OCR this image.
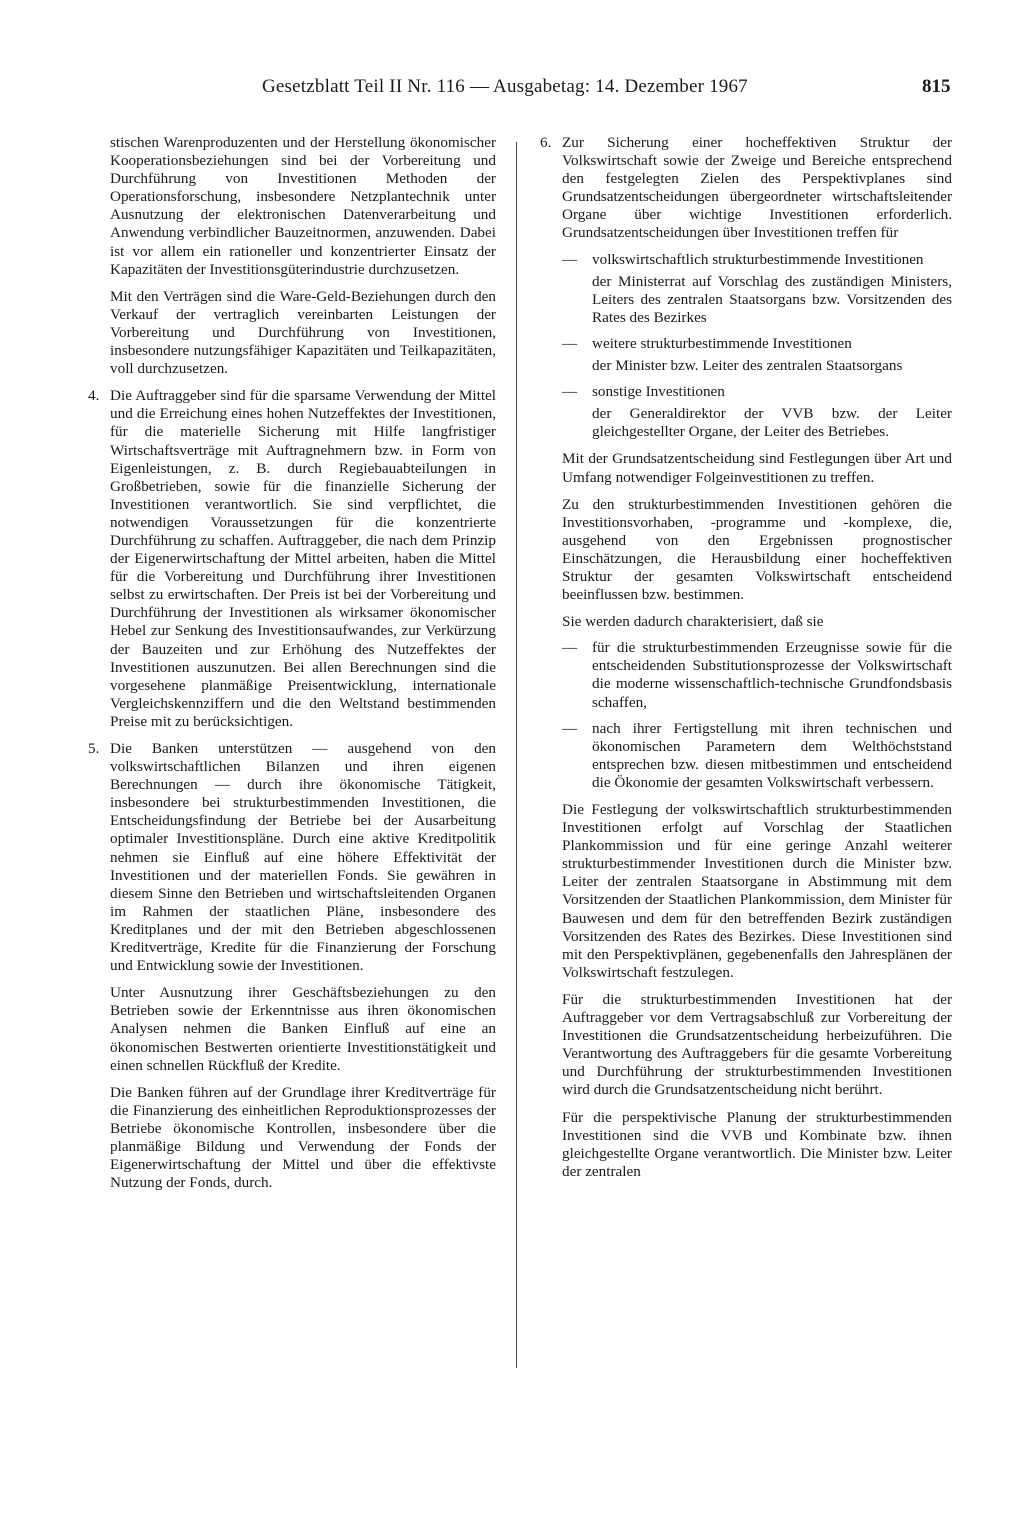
Gesetzblatt Teil II Nr. 116 — Ausgabetag: 14. Dezember 1967	815

stischen Warenproduzenten und der Herstellung ökonomischer Kooperationsbeziehungen sind bei der Vorbereitung und Durchführung von Investitionen Methoden der Operationsforschung, insbesondere Netzplantechnik unter Ausnutzung der elektronischen Datenverarbeitung und Anwendung verbindlicher Bauzeitnormen, anzuwenden. Dabei ist vor allem ein rationeller und konzentrierter Einsatz der Kapazitäten der Investitionsgüterindustrie durchzusetzen.

Mit den Verträgen sind die Ware-Geld-Beziehungen durch den Verkauf der vertraglich vereinbarten Leistungen der Vorbereitung und Durchführung von Investitionen, insbesondere nutzungsfähiger Kapazitäten und Teilkapazitäten, voll durchzusetzen.

4. Die Auftraggeber sind für die sparsame Verwendung der Mittel und die Erreichung eines hohen Nutzeffektes der Investitionen, für die materielle Sicherung mit Hilfe langfristiger Wirtschaftsverträge mit Auftragnehmern bzw. in Form von Eigenleistungen, z. B. durch Regiebauabteilungen in Großbetrieben, sowie für die finanzielle Sicherung der Investitionen verantwortlich. Sie sind verpflichtet, die notwendigen Voraussetzungen für die konzentrierte Durchführung zu schaffen. Auftraggeber, die nach dem Prinzip der Eigenerwirtschaftung der Mittel arbeiten, haben die Mittel für die Vorbereitung und Durchführung ihrer Investitionen selbst zu erwirtschaften. Der Preis ist bei der Vorbereitung und Durchführung der Investitionen als wirksamer ökonomischer Hebel zur Senkung des Investitionsaufwandes, zur Verkürzung der Bauzeiten und zur Erhöhung des Nutzeffektes der Investitionen auszunutzen. Bei allen Berechnungen sind die vorgesehene planmäßige Preisentwicklung, internationale Vergleichskennziffern und die den Weltstand bestimmenden Preise mit zu berücksichtigen.

5. Die Banken unterstützen — ausgehend von den volkswirtschaftlichen Bilanzen und ihren eigenen Berechnungen — durch ihre ökonomische Tätigkeit, insbesondere bei strukturbestimmenden Investitionen, die Entscheidungsfindung der Betriebe bei der Ausarbeitung optimaler Investitionspläne. Durch eine aktive Kreditpolitik nehmen sie Einfluß auf eine höhere Effektivität der Investitionen und der materiellen Fonds. Sie gewähren in diesem Sinne den Betrieben und wirtschaftsleitenden Organen im Rahmen der staatlichen Pläne, insbesondere des Kreditplanes und der mit den Betrieben abgeschlossenen Kreditverträge, Kredite für die Finanzierung der Forschung und Entwicklung sowie der Investitionen.

Unter Ausnutzung ihrer Geschäftsbeziehungen zu den Betrieben sowie der Erkenntnisse aus ihren ökonomischen Analysen nehmen die Banken Einfluß auf eine an ökonomischen Bestwerten orientierte Investitionstätigkeit und einen schnellen Rückfluß der Kredite.

Die Banken führen auf der Grundlage ihrer Kreditverträge für die Finanzierung des einheitlichen Reproduktionsprozesses der Betriebe ökonomische Kontrollen, insbesondere über die planmäßige Bildung und Verwendung der Fonds der Eigenerwirtschaftung der Mittel und über die effektivste Nutzung der Fonds, durch.

6. Zur Sicherung einer hocheffektiven Struktur der Volkswirtschaft sowie der Zweige und Bereiche entsprechend den festgelegten Zielen des Perspektivplanes sind Grundsatzentscheidungen übergeordneter wirtschaftsleitender Organe über wichtige Investitionen erforderlich. Grundsatzentscheidungen über Investitionen treffen für

— volkswirtschaftlich strukturbestimmende Investitionen

der Ministerrat auf Vorschlag des zuständigen Ministers, Leiters des zentralen Staatsorgans bzw. Vorsitzenden des Rates des Bezirkes

— weitere strukturbestimmende Investitionen

der Minister bzw. Leiter des zentralen Staatsorgans

— sonstige Investitionen

der Generaldirektor der VVB bzw. der Leiter gleichgestellter Organe, der Leiter des Betriebes.

Mit der Grundsatzentscheidung sind Festlegungen über Art und Umfang notwendiger Folgeinvestitionen zu treffen.

Zu den strukturbestimmenden Investitionen gehören die Investitionsvorhaben, -programme und -komplexe, die, ausgehend von den Ergebnissen prognostischer Einschätzungen, die Herausbildung einer hocheffektiven Struktur der gesamten Volkswirtschaft entscheidend beeinflussen bzw. bestimmen.

Sie werden dadurch charakterisiert, daß sie

— für die strukturbestimmenden Erzeugnisse sowie für die entscheidenden Substitutionsprozesse der Volkswirtschaft die moderne wissenschaftlich-technische Grundfondsbasis schaffen,

— nach ihrer Fertigstellung mit ihren technischen und ökonomischen Parametern dem Welthöchststand entsprechen bzw. diesen mitbestimmen und entscheidend die Ökonomie der gesamten Volkswirtschaft verbessern.

Die Festlegung der volkswirtschaftlich strukturbestimmenden Investitionen erfolgt auf Vorschlag der Staatlichen Plankommission und für eine geringe Anzahl weiterer strukturbestimmender Investitionen durch die Minister bzw. Leiter der zentralen Staatsorgane in Abstimmung mit dem Vorsitzenden der Staatlichen Plankommission, dem Minister für Bauwesen und dem für den betreffenden Bezirk zuständigen Vorsitzenden des Rates des Bezirkes. Diese Investitionen sind mit den Perspektivplänen, gegebenenfalls den Jahresplänen der Volkswirtschaft festzulegen.

Für die strukturbestimmenden Investitionen hat der Auftraggeber vor dem Vertragsabschluß zur Vorbereitung der Investitionen die Grundsatzentscheidung herbeizuführen. Die Verantwortung des Auftraggebers für die gesamte Vorbereitung und Durchführung der strukturbestimmenden Investitionen wird durch die Grundsatzentscheidung nicht berührt.

Für die perspektivische Planung der strukturbestimmenden Investitionen sind die VVB und Kombinate bzw. ihnen gleichgestellte Organe verantwortlich. Die Minister bzw. Leiter der zentralen
